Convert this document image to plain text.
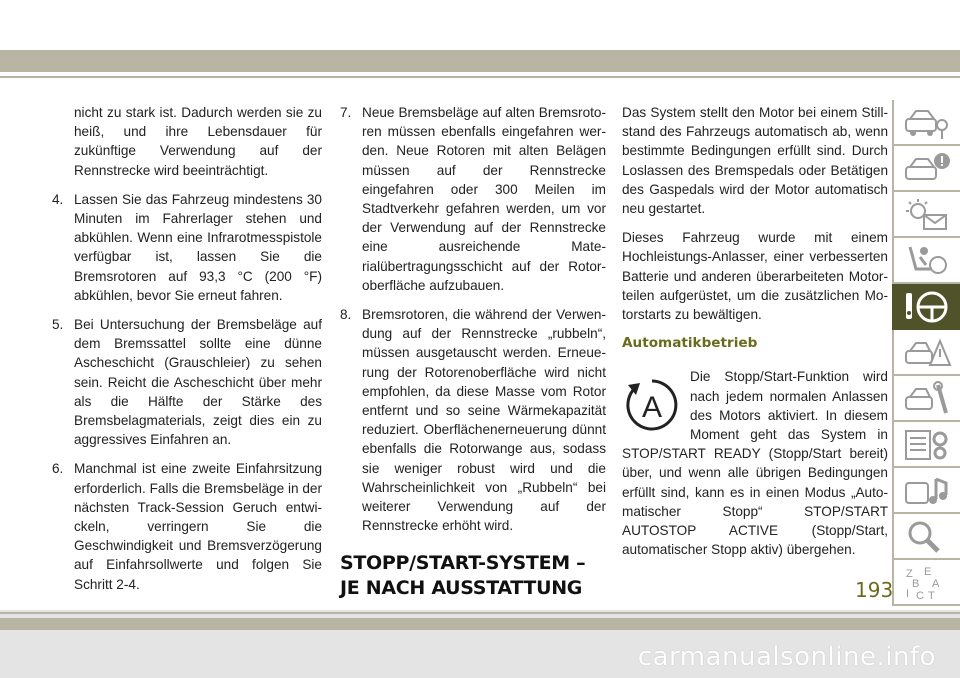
nicht zu stark ist. Dadurch werden sie zu heiß, und ihre Lebensdauer für zukünftige Verwendung auf der Rennstrecke wird beeinträchtigt.

4. Lassen Sie das Fahrzeug mindestens 30 Minuten im Fahrerlager stehen und abkühlen. Wenn eine Infrarotmesspistole verfügbar ist, lassen Sie die Bremsrotoren auf 93,3 °C (200 °F) abkühlen, bevor Sie erneut fahren.
5. Bei Untersuchung der Bremsbeläge auf dem Bremssattel sollte eine dünne Ascheschicht (Grauschleier) zu sehen sein. Reicht die Ascheschicht über mehr als die Hälfte der Stärke des Bremsbelagmaterials, zeigt dies ein zu aggressives Einfahren an.
6. Manchmal ist eine zweite Einfahrsitzung erforderlich. Falls die Bremsbeläge in der nächsten Track-Session Geruch entwickeln, verringern Sie die Geschwindigkeit und Bremsverzögerung auf Einfahrsollwerte und folgen Sie Schritt 2-4.
7. Neue Bremsbeläge auf alten Bremsrotoren müssen ebenfalls eingefahren werden. Neue Rotoren mit alten Belägen müssen auf der Rennstrecke eingefahren oder 300 Meilen im Stadtverkehr gefahren werden, um vor der Verwendung auf der Rennstrecke eine ausreichende Materialübertragungsschicht auf der Rotoroberfläche aufzubauen.
8. Bremsrotoren, die während der Verwendung auf der Rennstrecke „rubbeln“, müssen ausgetauscht werden. Erneuerung der Rotorenoberfläche wird nicht empfohlen, da diese Masse vom Rotor entfernt und so seine Wärmekapazität reduziert. Oberflächenerneuerung dünnt ebenfalls die Rotorwange aus, sodass sie weniger robust wird und die Wahrscheinlichkeit von „Rubbeln“ bei weiterer Verwendung auf der Rennstrecke erhöht wird.
STOPP/START-SYSTEM – JE NACH AUSSTATTUNG

Das System stellt den Motor bei einem Stillstand des Fahrzeugs automatisch ab, wenn bestimmte Bedingungen erfüllt sind. Durch Loslassen des Bremspedals oder Betätigen des Gaspedals wird der Motor automatisch neu gestartet.

Dieses Fahrzeug wurde mit einem Hochleistungs-Anlasser, einer verbesserten Batterie und anderen überarbeiteten Motorteilen aufgerüstet, um die zusätzlichen Motorstarts zu bewältigen.

Automatikbetrieb
A
Die Stopp/Start-Funktion wird nach jedem normalen Anlassen des Motors aktiviert. In diesem Moment geht das System in STOP/START READY (Stopp/Start bereit) über, und wenn alle übrigen Bedingungen erfüllt sind, kann es in einen Modus „Automatischer Stopp“ STOP/START AUTOSTOP ACTIVE (Stopp/Start, automatischer Stopp aktiv) übergehen.
Z E
B A
I C T
193
carmanualsonline.info
